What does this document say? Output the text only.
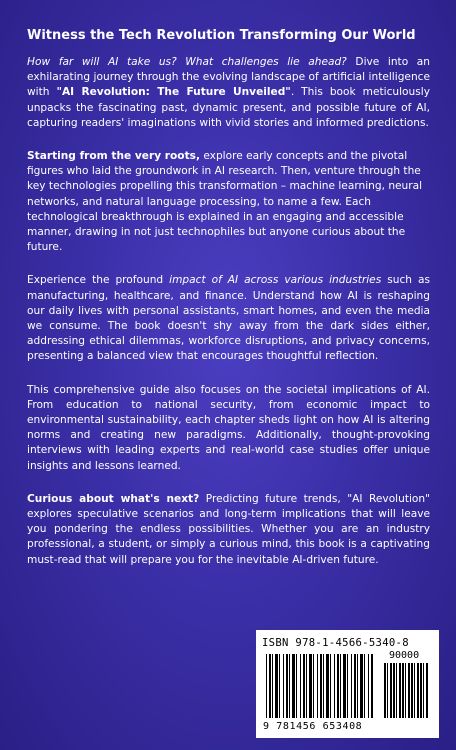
Witness the Tech Revolution Transforming Our World

How far will AI take us? What challenges lie ahead? Dive into an exhilarating journey through the evolving landscape of artificial intelligence with "AI Revolution: The Future Unveiled". This book meticulously unpacks the fascinating past, dynamic present, and possible future of AI, capturing readers' imaginations with vivid stories and informed predictions.

Starting from the very roots, explore early concepts and the pivotal figures who laid the groundwork in AI research. Then, venture through the key technologies propelling this transformation – machine learning, neural networks, and natural language processing, to name a few. Each technological breakthrough is explained in an engaging and accessible manner, drawing in not just technophiles but anyone curious about the future.

Experience the profound impact of AI across various industries such as manufacturing, healthcare, and finance. Understand how AI is reshaping our daily lives with personal assistants, smart homes, and even the media we consume. The book doesn't shy away from the dark sides either, addressing ethical dilemmas, workforce disruptions, and privacy concerns, presenting a balanced view that encourages thoughtful reflection.

This comprehensive guide also focuses on the societal implications of AI. From education to national security, from economic impact to environmental sustainability, each chapter sheds light on how AI is altering norms and creating new paradigms. Additionally, thought-provoking interviews with leading experts and real-world case studies offer unique insights and lessons learned.

Curious about what's next? Predicting future trends, "AI Revolution" explores speculative scenarios and long-term implications that will leave you pondering the endless possibilities. Whether you are an industry professional, a student, or simply a curious mind, this book is a captivating must-read that will prepare you for the inevitable AI-driven future.

ISBN 978-1-4566-5340-8
90000
9 781456 653408
